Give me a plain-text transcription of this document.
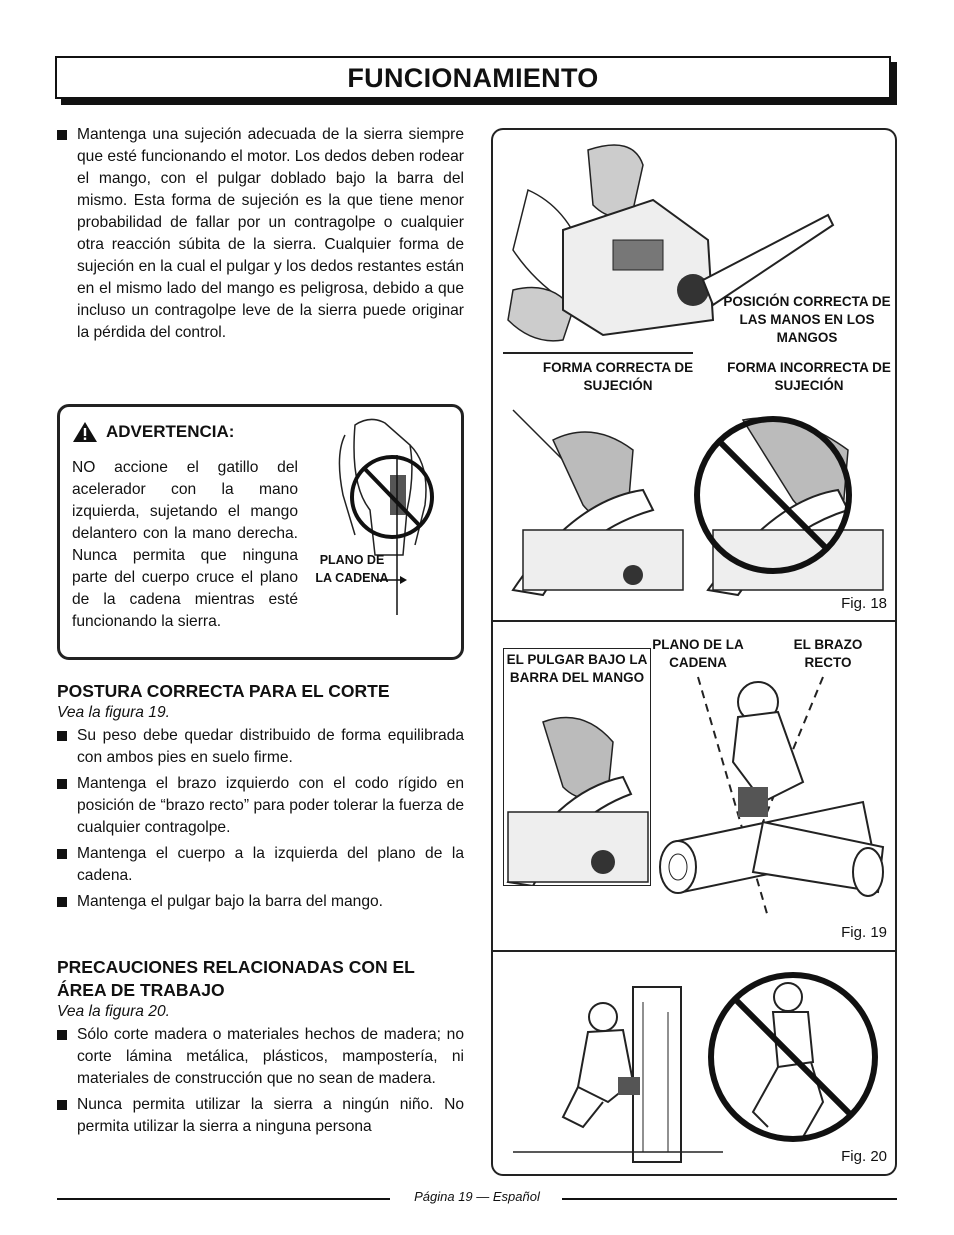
FUNCIONAMIENTO
Mantenga una sujeción adecuada de la sierra siempre que esté funcionando el motor. Los dedos deben rodear el mango, con el pulgar doblado bajo la barra del mismo. Esta forma de sujeción es la que tiene menor probabilidad de fallar por un contragolpe o cualquier otra reacción súbita de la sierra. Cualquier forma de sujeción en la cual el pulgar y los dedos restantes están en el mismo lado del mango es peligrosa, debido a que incluso un contragolpe leve de la sierra puede originar la pérdida del control.
ADVERTENCIA:
NO accione el gatillo del acelerador con la mano izquierda, sujetando el mango delantero con la mano derecha. Nunca permita que ninguna parte del cuerpo cruce el plano de la cadena mientras esté funcionando la sierra.
PLANO DE LA CADENA
POSTURA CORRECTA PARA EL CORTE
Vea la figura 19.
Su peso debe quedar distribuido de forma equilibrada con ambos pies en suelo firme.
Mantenga el brazo izquierdo con el codo rígido en posición de “brazo recto” para poder tolerar la fuerza de cualquier contragolpe.
Mantenga el cuerpo a la izquierda del plano de la cadena.
Mantenga el pulgar bajo la barra del mango.
PRECAUCIONES RELACIONADAS CON EL ÁREA DE TRABAJO
Vea la figura 20.
Sólo corte madera o materiales hechos de madera; no corte lámina metálica, plásticos, mampostería, ni materiales de construcción que no sean de madera.
Nunca permita utilizar la sierra a ningún niño. No permita utilizar la sierra a ninguna persona
POSICIÓN CORRECTA DE LAS MANOS EN LOS MANGOS
FORMA CORRECTA DE SUJECIÓN
FORMA INCORRECTA DE SUJECIÓN
Fig. 18
EL PULGAR BAJO LA BARRA DEL MANGO
PLANO DE LA CADENA
EL BRAZO RECTO
Fig. 19
Fig. 20
Página 19 — Español
